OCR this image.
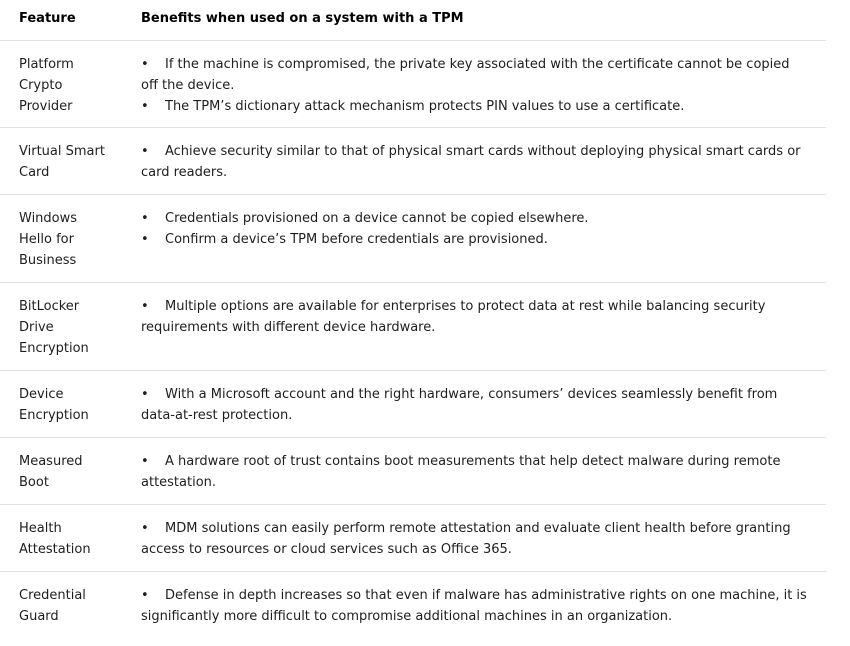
Feature	Benefits when used on a system with a TPM
Platform Crypto Provider
• If the machine is compromised, the private key associated with the certificate cannot be copied off the device.
• The TPM’s dictionary attack mechanism protects PIN values to use a certificate.
Virtual Smart Card
• Achieve security similar to that of physical smart cards without deploying physical smart cards or card readers.
Windows Hello for Business
• Credentials provisioned on a device cannot be copied elsewhere.
• Confirm a device’s TPM before credentials are provisioned.
BitLocker Drive Encryption
• Multiple options are available for enterprises to protect data at rest while balancing security requirements with different device hardware.
Device Encryption
• With a Microsoft account and the right hardware, consumers’ devices seamlessly benefit from data-at-rest protection.
Measured Boot
• A hardware root of trust contains boot measurements that help detect malware during remote attestation.
Health Attestation
• MDM solutions can easily perform remote attestation and evaluate client health before granting access to resources or cloud services such as Office 365.
Credential Guard
• Defense in depth increases so that even if malware has administrative rights on one machine, it is significantly more difficult to compromise additional machines in an organization.
